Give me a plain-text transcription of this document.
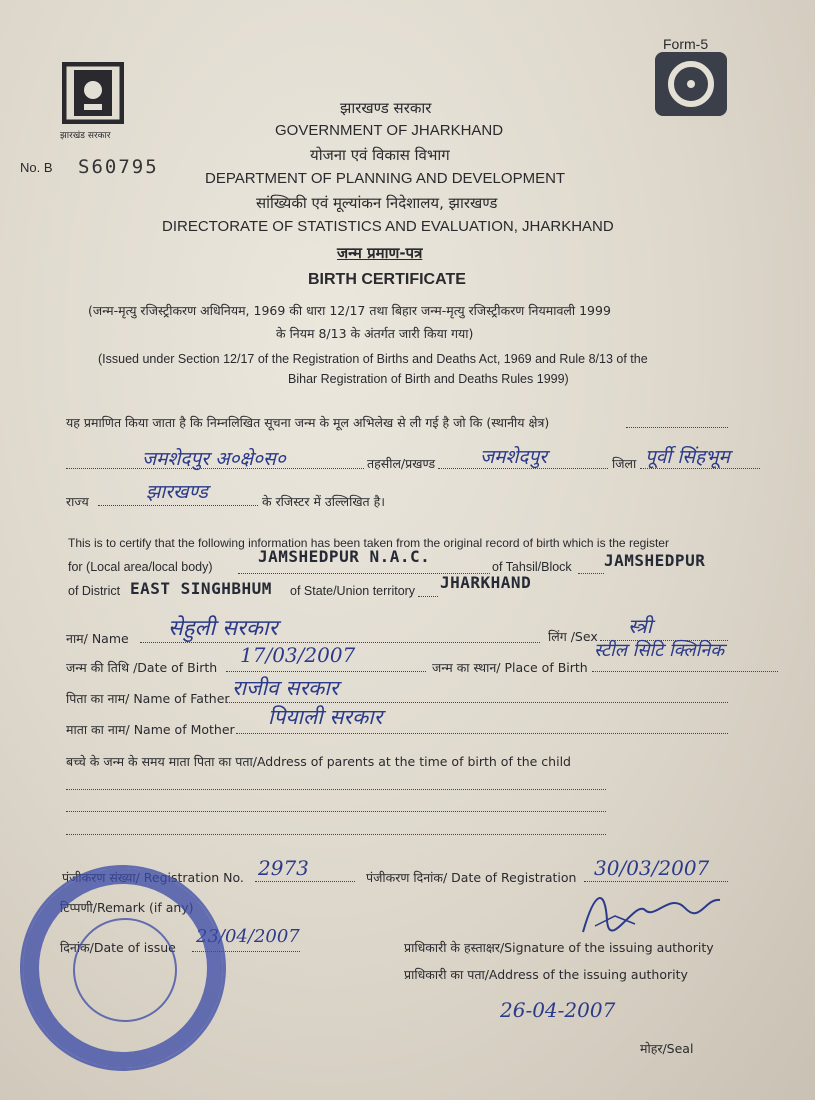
झारखंड सरकार
Form-5
No. B S60795
झारखण्ड सरकार
GOVERNMENT OF JHARKHAND
योजना एवं विकास विभाग
DEPARTMENT OF PLANNING AND DEVELOPMENT
सांख्यिकी एवं मूल्यांकन निदेशालय, झारखण्ड
DIRECTORATE OF STATISTICS AND EVALUATION, JHARKHAND
जन्म प्रमाण-पत्र
BIRTH CERTIFICATE
(जन्म-मृत्यु रजिस्ट्रीकरण अधिनियम, 1969 की धारा 12/17 तथा बिहार जन्म-मृत्यु रजिस्ट्रीकरण नियमावली 1999
के नियम 8/13 के अंतर्गत जारी किया गया)
(Issued under Section 12/17 of the Registration of Births and Deaths Act, 1969 and Rule 8/13 of the
Bihar Registration of Birth and Deaths Rules 1999)
यह प्रमाणित किया जाता है कि निम्नलिखित सूचना जन्म के मूल अभिलेख से ली गई है जो कि (स्थानीय क्षेत्र)
जमशेदपुर अ०क्षे०स०	तहसील/प्रखण्ड जमशेदपुर	जिला पूर्वी सिंहभूम
राज्य	झारखण्ड	के रजिस्टर में उल्लिखित है।
This is to certify that the following information has been taken from the original record of birth which is the register
for (Local area/local body)
JAMSHEDPUR N.A.C.
of Tahsil/Block JAMSHEDPUR
of District EAST SINGHBHUM of State/Union territory JHARKHAND
नाम/ Name सेहुली सरकार	लिंग /Sex स्त्री
जन्म की तिथि /Date of Birth
17/03/2007
जन्म का स्थान/ Place of Birth
स्टील सिटि क्लिनिक
पिता का नाम/ Name of Father राजीव सरकार
माता का नाम/ Name of Mother
पियाली सरकार
बच्चे के जन्म के समय माता पिता का पता/Address of parents at the time of birth of the child
पंजीकरण संख्या/ Registration No. 2973	पंजीकरण दिनांक/ Date of Registration 30/03/2007
टिप्पणी/Remark (if any)
दिनांक/Date of issue
23/04/2007
प्राधिकारी के हस्ताक्षर/Signature of the issuing authority
प्राधिकारी का पता/Address of the issuing authority
26-04-2007
मोहर/Seal
